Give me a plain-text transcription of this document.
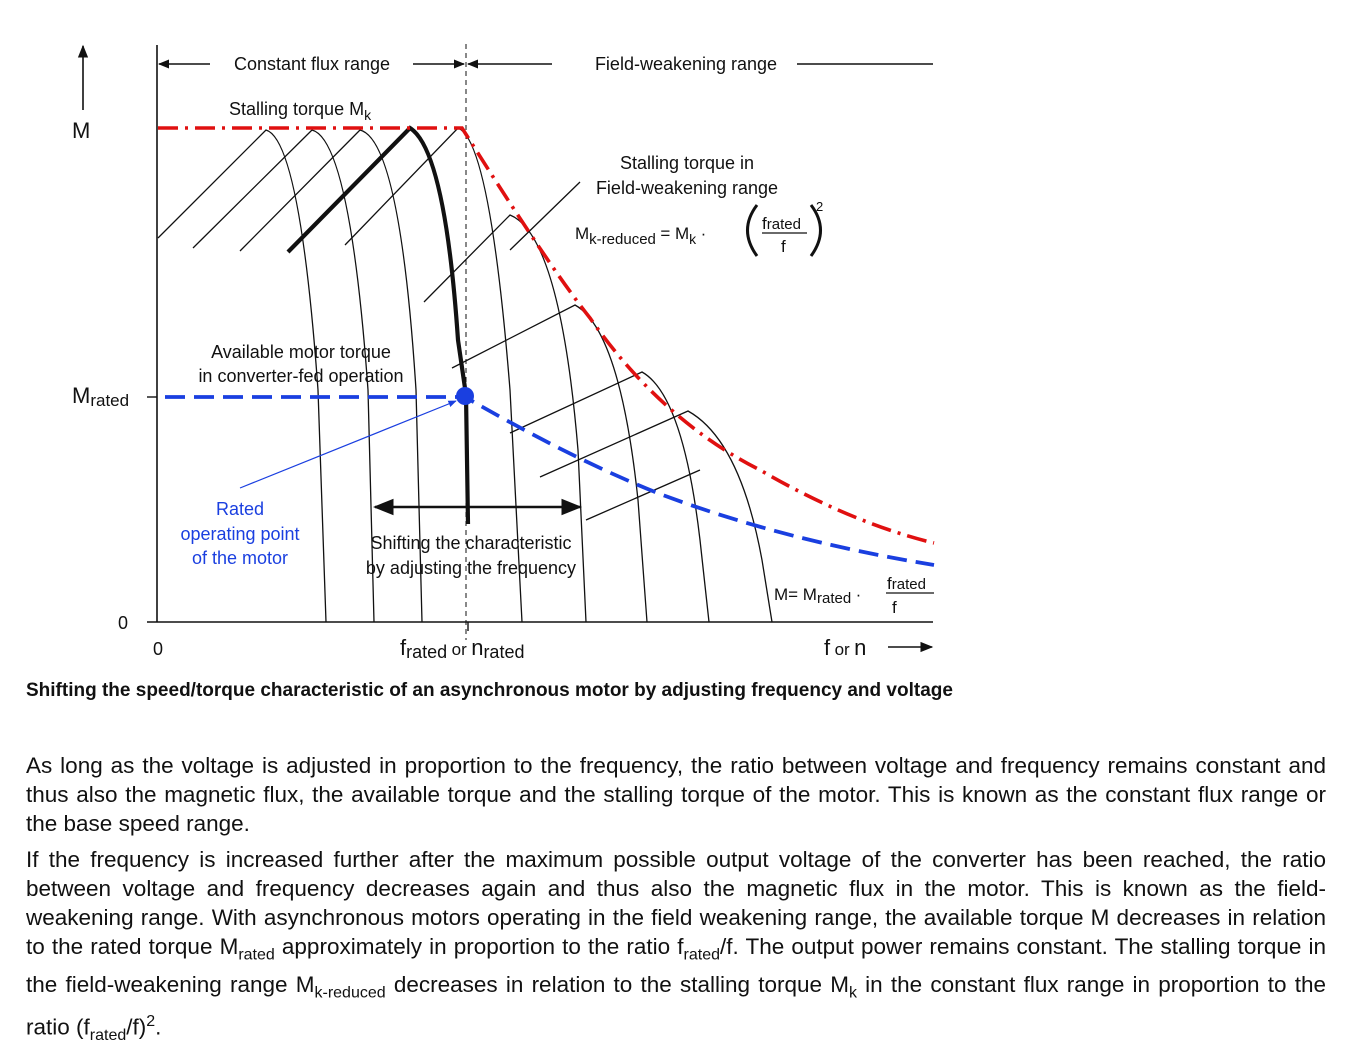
Constant flux range	Field-weakening range
M
Mrated
0
0	frated or nrated	f or n
Stalling torque Mk
Stalling torque in
Field-weakening range
Mk-reduced = Mk ·
frated
f
2
Available motor torque
in converter-fed operation
Rated
operating point
of the motor
Shifting the characteristic
by adjusting the frequency
M= Mrated ·
frated
f
Shifting the speed/torque characteristic of an asynchronous motor by adjusting frequency and voltage

As long as the voltage is adjusted in proportion to the frequency, the ratio between voltage and frequency remains constant and thus also the magnetic flux, the available torque and the stalling torque of the motor. This is known as the constant flux range or the base speed range.

If the frequency is increased further after the maximum possible output voltage of the converter has been reached, the ratio between voltage and frequency decreases again and thus also the magnetic flux in the motor. This is known as the field-weakening range. With asynchronous motors operating in the field weakening range, the available torque M decreases in relation to the rated torque $M_{rated}$ approximately in proportion to the ratio $f_{rated}/f$. The output power remains constant. The stalling torque in the field-weakening range $M_{k-reduced}$ decreases in relation to the stalling torque $M_k$ in the constant flux range in proportion to the ratio $(f_{rated}/f)^2$.
